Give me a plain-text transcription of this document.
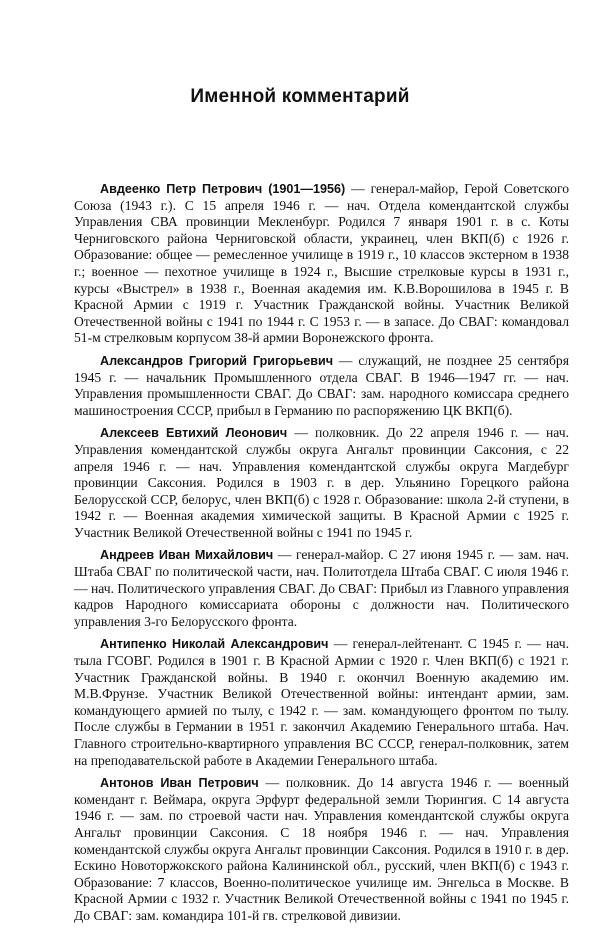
Именной комментарий

Авдеенко Петр Петрович (1901—1956) — генерал-майор, Герой Советского Союза (1943 г.). С 15 апреля 1946 г. — нач. Отдела комендантской службы Управления СВА провинции Мекленбург. Родился 7 января 1901 г. в с. Коты Черниговского района Черниговской области, украинец, член ВКП(б) с 1926 г. Образование: общее — ремесленное училище в 1919 г., 10 классов экстерном в 1938 г.; военное — пехотное училище в 1924 г., Высшие стрелковые курсы в 1931 г., курсы «Выстрел» в 1938 г., Военная академия им. К.В.Ворошилова в 1945 г. В Красной Армии с 1919 г. Участник Гражданской войны. Участник Великой Отечественной войны с 1941 по 1944 г. С 1953 г. — в запасе. До СВАГ: командовал 51-м стрелковым корпусом 38-й армии Воронежского фронта.

Александров Григорий Григорьевич — служащий, не позднее 25 сентября 1945 г. — начальник Промышленного отдела СВАГ. В 1946—1947 гг. — нач. Управления промышленности СВАГ. До СВАГ: зам. народного комиссара среднего машиностроения СССР, прибыл в Германию по распоряжению ЦК ВКП(б).

Алексеев Евтихий Леонович — полковник. До 22 апреля 1946 г. — нач. Управления комендантской службы округа Ангальт провинции Саксония, с 22 апреля 1946 г. — нач. Управления комендантской службы округа Магдебург провинции Саксония. Родился в 1903 г. в дер. Ульянино Горецкого района Белорусской ССР, белорус, член ВКП(б) с 1928 г. Образование: школа 2-й ступени, в 1942 г. — Военная академия химической защиты. В Красной Армии с 1925 г. Участник Великой Отечественной войны с 1941 по 1945 г.

Андреев Иван Михайлович — генерал-майор. С 27 июня 1945 г. — зам. нач. Штаба СВАГ по политической части, нач. Политотдела Штаба СВАГ. С июля 1946 г. — нач. Политического управления СВАГ. До СВАГ: Прибыл из Главного управления кадров Народного комиссариата обороны с должности нач. Политического управления 3-го Белорусского фронта.

Антипенко Николай Александрович — генерал-лейтенант. С 1945 г. — нач. тыла ГСОВГ. Родился в 1901 г. В Красной Армии с 1920 г. Член ВКП(б) с 1921 г. Участник Гражданской войны. В 1940 г. окончил Военную академию им. М.В.Фрунзе. Участник Великой Отечественной войны: интендант армии, зам. командующего армией по тылу, с 1942 г. — зам. командующего фронтом по тылу. После службы в Германии в 1951 г. закончил Академию Генерального штаба. Нач. Главного строительно-квартирного управления ВС СССР, генерал-полковник, затем на преподавательской работе в Академии Генерального штаба.

Антонов Иван Петрович — полковник. До 14 августа 1946 г. — военный комендант г. Веймара, округа Эрфурт федеральной земли Тюрингия. С 14 августа 1946 г. — зам. по строевой части нач. Управления комендантской службы округа Ангальт провинции Саксония. С 18 ноября 1946 г. — нач. Управления комендантской службы округа Ангальт провинции Саксония. Родился в 1910 г. в дер. Ескино Новоторжокского района Калининской обл., русский, член ВКП(б) с 1943 г. Образование: 7 классов, Военно-политическое училище им. Энгельса в Москве. В Красной Армии с 1932 г. Участник Великой Отечественной войны с 1941 по 1945 г. До СВАГ: зам. командира 101-й гв. стрелковой дивизии.
